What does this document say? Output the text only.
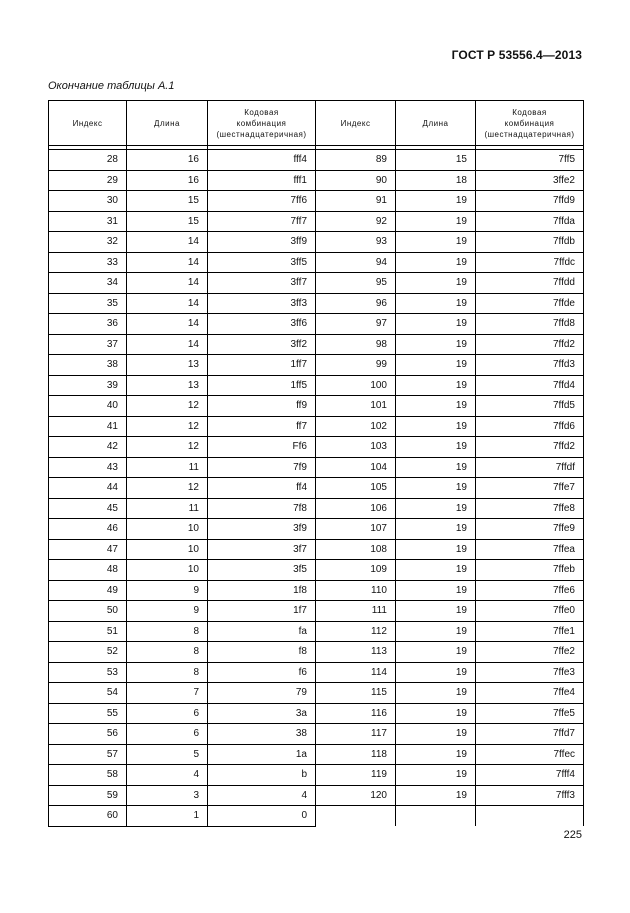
ГОСТ Р 53556.4—2013
Окончание таблицы А.1
Индекс	Длина	Кодовая
комбинация
(шестнадцатеричная)	Индекс	Длина	Кодовая
комбинация
(шестнадцатеричная)

28	16	fff4	89	15	7ff5
29	16	fff1	90	18	3ffe2
30	15	7ff6	91	19	7ffd9
31	15	7ff7	92	19	7ffda
32	14	3ff9	93	19	7ffdb
33	14	3ff5	94	19	7ffdc
34	14	3ff7	95	19	7ffdd
35	14	3ff3	96	19	7ffde
36	14	3ff6	97	19	7ffd8
37	14	3ff2	98	19	7ffd2
38	13	1ff7	99	19	7ffd3
39	13	1ff5	100	19	7ffd4
40	12	ff9	101	19	7ffd5
41	12	ff7	102	19	7ffd6
42	12	Ff6	103	19	7ffd2
43	11	7f9	104	19	7ffdf
44	12	ff4	105	19	7ffe7
45	11	7f8	106	19	7ffe8
46	10	3f9	107	19	7ffe9
47	10	3f7	108	19	7ffea
48	10	3f5	109	19	7ffeb
49	9	1f8	110	19	7ffe6
50	9	1f7	111	19	7ffe0
51	8	fa	112	19	7ffe1
52	8	f8	113	19	7ffe2
53	8	f6	114	19	7ffe3
54	7	79	115	19	7ffe4
55	6	3a	116	19	7ffe5
56	6	38	117	19	7ffd7
57	5	1a	118	19	7ffec
58	4	b	119	19	7fff4
59	3	4	120	19	7fff3
60	1	0			
225
